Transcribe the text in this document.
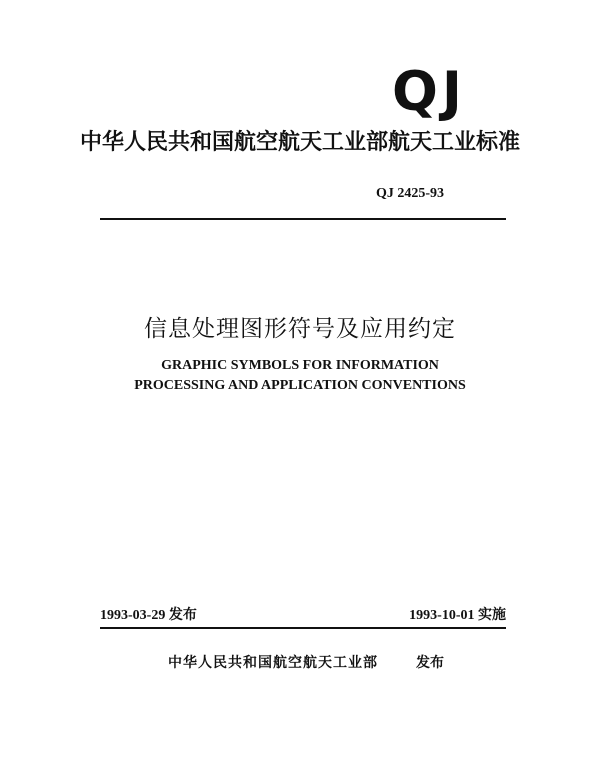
QJ
中华人民共和国航空航天工业部航天工业标准
QJ 2425-93
信息处理图形符号及应用约定
GRAPHIC SYMBOLS FOR INFORMATION
PROCESSING AND APPLICATION CONVENTIONS
1993-03-29 发布	1993-10-01 实施
中华人民共和国航空航天工业部	发布
